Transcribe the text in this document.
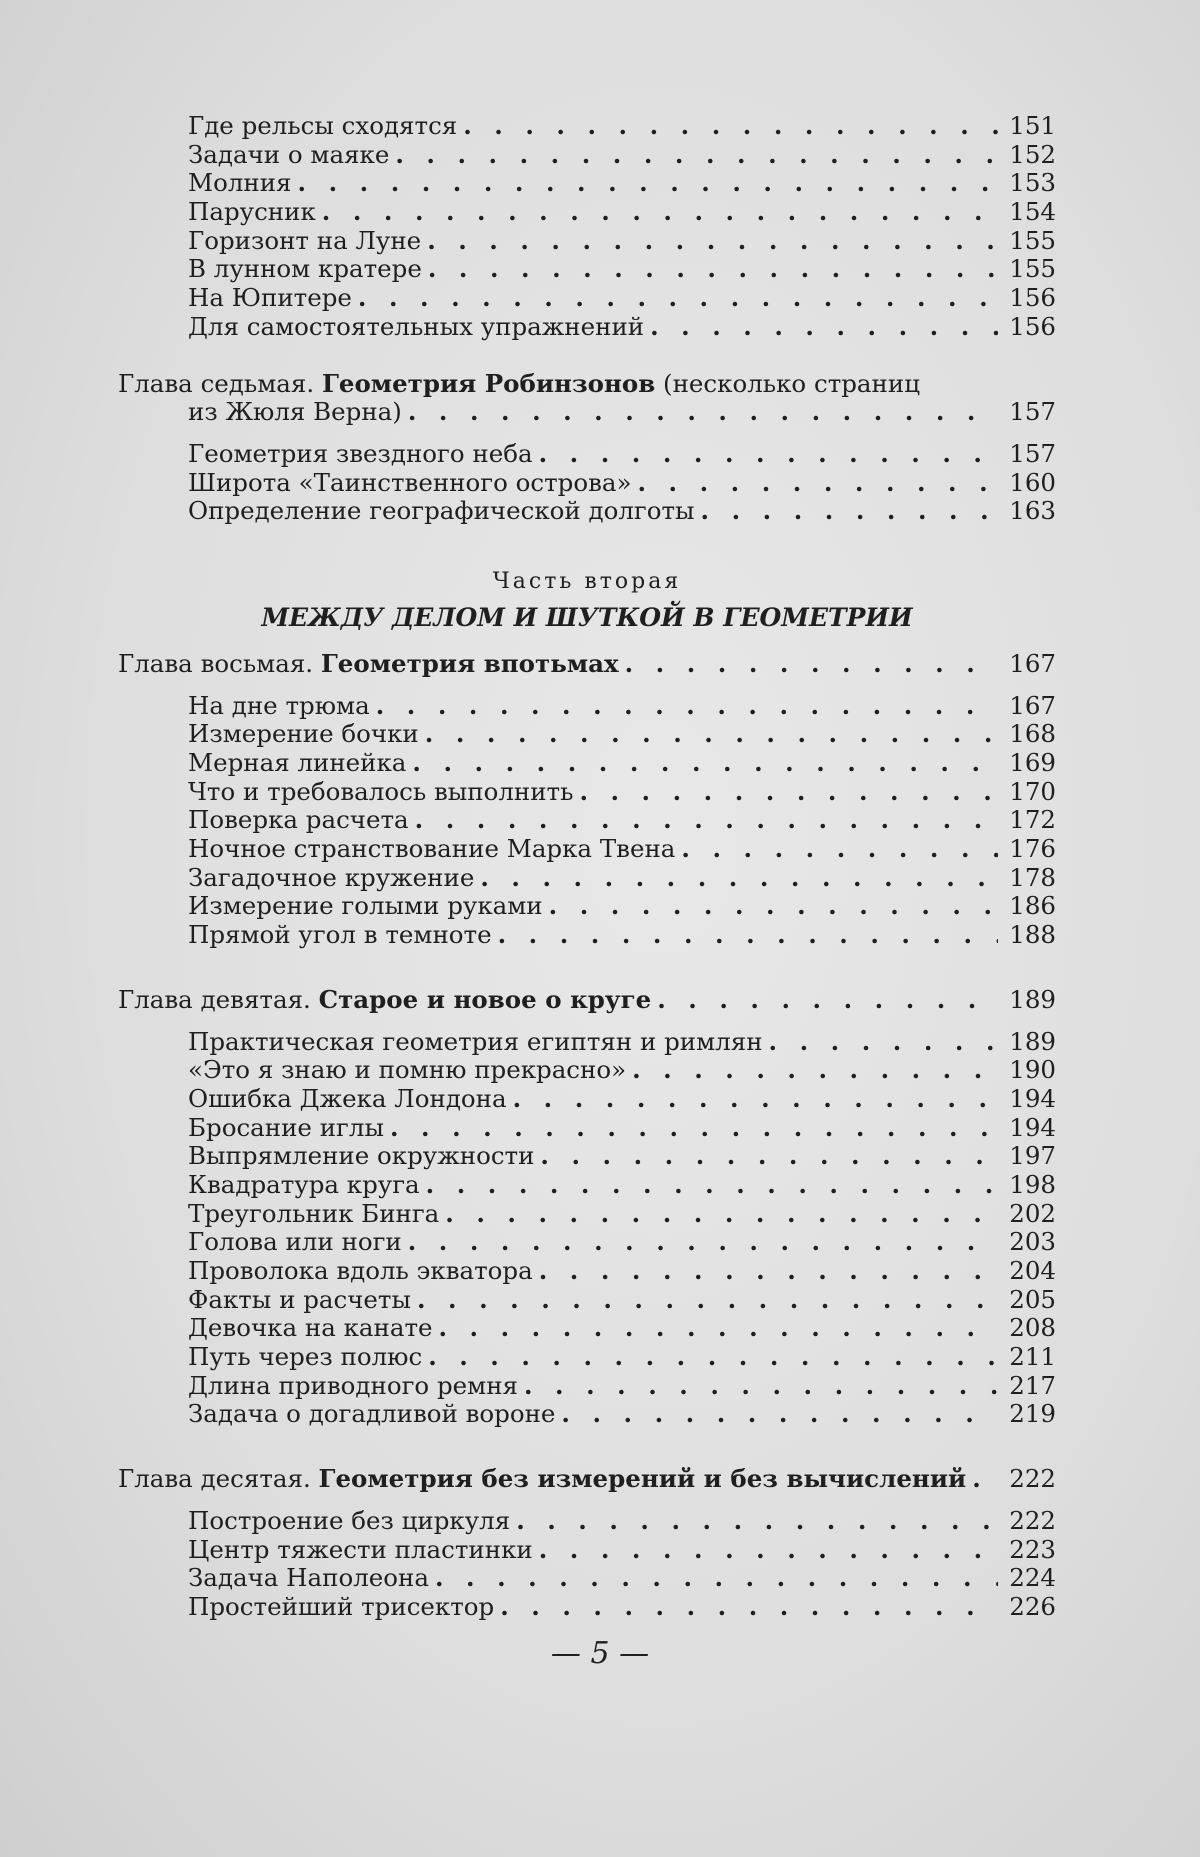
Где рельсы сходятся . . .	151
Задачи о маяке . . .	152
Молния . . .	153
Парусник . . .	154
Горизонт на Луне . . .	155
В лунном кратере . . .	155
На Юпитере . . .	156
Для самостоятельных упражнений . . .	156
Глава седьмая. Геометрия Робинзонов (несколько страниц
из Жюля Верна) . . .	157
Геометрия звездного неба . . .	157
Широта «Таинственного острова» . . .	160
Определение географической долготы . . .	163
Часть вторая
МЕЖДУ ДЕЛОМ И ШУТКОЙ В ГЕОМЕТРИИ
Глава восьмая. Геометрия впотьмах . . .	167
На дне трюма . . .	167
Измерение бочки . . .	168
Мерная линейка . . .	169
Что и требовалось выполнить . . .	170
Поверка расчета . . .	172
Ночное странствование Марка Твена . . .	176
Загадочное кружение . . .	178
Измерение голыми руками . . .	186
Прямой угол в темноте . . .	188
Глава девятая. Старое и новое о круге . . .	189
Практическая геометрия египтян и римлян . . .	189
«Это я знаю и помню прекрасно» . . .	190
Ошибка Джека Лондона . . .	194
Бросание иглы . . .	194
Выпрямление окружности . . .	197
Квадратура круга . . .	198
Треугольник Бинга . . .	202
Голова или ноги . . .	203
Проволока вдоль экватора . . .	204
Факты и расчеты . . .	205
Девочка на канате . . .	208
Путь через полюс . . .	211
Длина приводного ремня . . .	217
Задача о догадливой вороне . . .	219
Глава десятая. Геометрия без измерений и без вычислений . . . 222
Построение без циркуля . . .	222
Центр тяжести пластинки . . .	223
Задача Наполеона . . .	224
Простейший трисектор . . .	226
— 5 —
